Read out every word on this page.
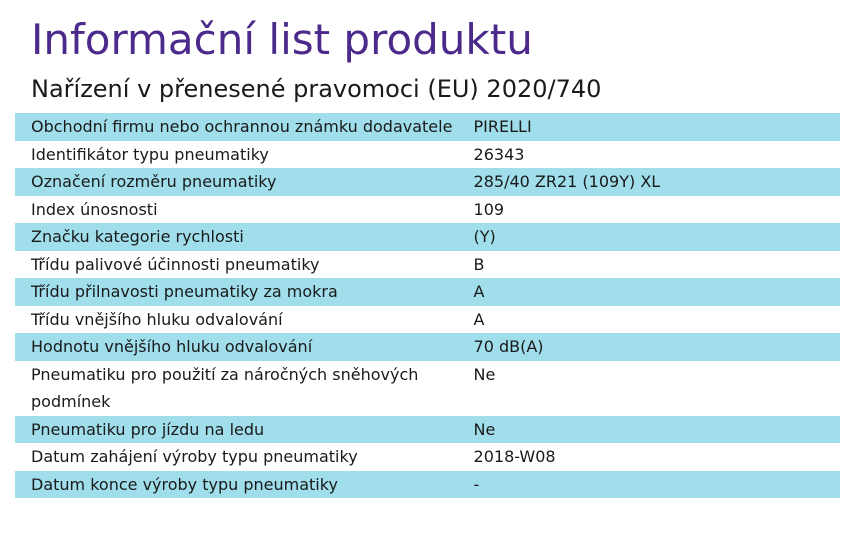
Informační list produktu
Nařízení v přenesené pravomoci (EU) 2020/740
Obchodní firmu nebo ochrannou známku dodavatele	PIRELLI
Identifikátor typu pneumatiky	26343
Označení rozměru pneumatiky	285/40 ZR21 (109Y) XL
Index únosnosti	109
Značku kategorie rychlosti	(Y)
Třídu palivové účinnosti pneumatiky	B
Třídu přilnavosti pneumatiky za mokra	A
Třídu vnějšího hluku odvalování	A
Hodnotu vnějšího hluku odvalování	70 dB(A)
Pneumatiku pro použití za náročných sněhových podmínek	Ne
Pneumatiku pro jízdu na ledu	Ne
Datum zahájení výroby typu pneumatiky	2018-W08
Datum konce výroby typu pneumatiky	-
